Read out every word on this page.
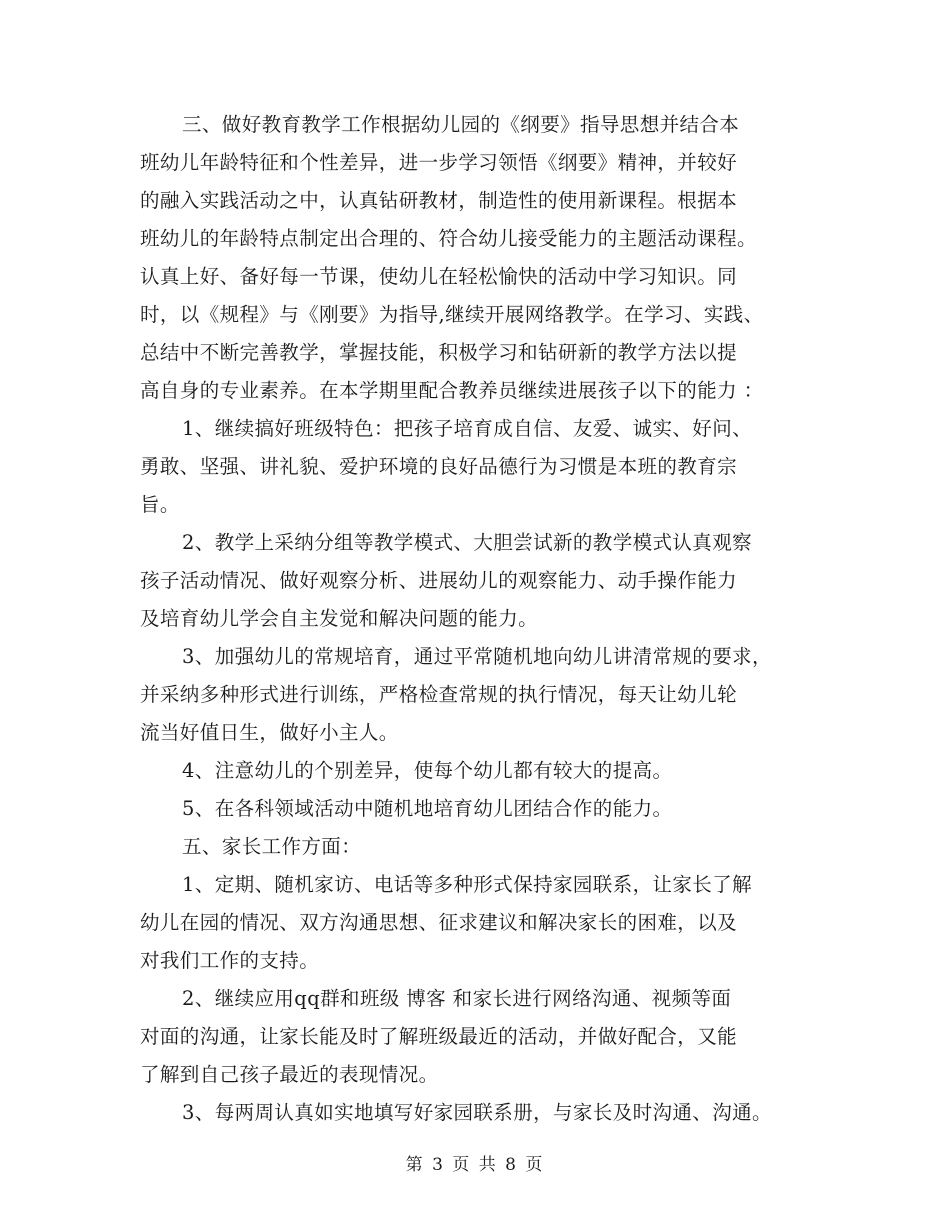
三、做好教育教学工作根据幼儿园的《纲要》指导思想并结合本
班幼儿年龄特征和个性差异，进一步学习领悟《纲要》精神，并较好
的融入实践活动之中，认真钻研教材，制造性的使用新课程。根据本
班幼儿的年龄特点制定出合理的、符合幼儿接受能力的主题活动课程。
认真上好、备好每一节课，使幼儿在轻松愉快的活动中学习知识。同
时，以《规程》与《刚要》为指导,继续开展网络教学。在学习、实践、
总结中不断完善教学，掌握技能，积极学习和钻研新的教学方法以提
高自身的专业素养。在本学期里配合教养员继续进展孩子以下的能力 ：
1、继续搞好班级特色：把孩子培育成自信、友爱、诚实、好问、
勇敢、坚强、讲礼貌、爱护环境的良好品德行为习惯是本班的教育宗
旨。
2、教学上采纳分组等教学模式、大胆尝试新的教学模式认真观察
孩子活动情况、做好观察分析、进展幼儿的观察能力、动手操作能力
及培育幼儿学会自主发觉和解决问题的能力。
3、加强幼儿的常规培育，通过平常随机地向幼儿讲清常规的要求，
并采纳多种形式进行训练，严格检查常规的执行情况，每天让幼儿轮
流当好值日生，做好小主人。
4、注意幼儿的个别差异，使每个幼儿都有较大的提高。
5、在各科领域活动中随机地培育幼儿团结合作的能力。
五、家长工作方面：
1、定期、随机家访、电话等多种形式保持家园联系，让家长了解
幼儿在园的情况、双方沟通思想、征求建议和解决家长的困难，以及
对我们工作的支持。
2、继续应用qq群和班级 博客 和家长进行网络沟通、视频等面
对面的沟通，让家长能及时了解班级最近的活动，并做好配合，又能
了解到自己孩子最近的表现情况。
3、每两周认真如实地填写好家园联系册，与家长及时沟通、沟通。
第 3 页 共 8 页
